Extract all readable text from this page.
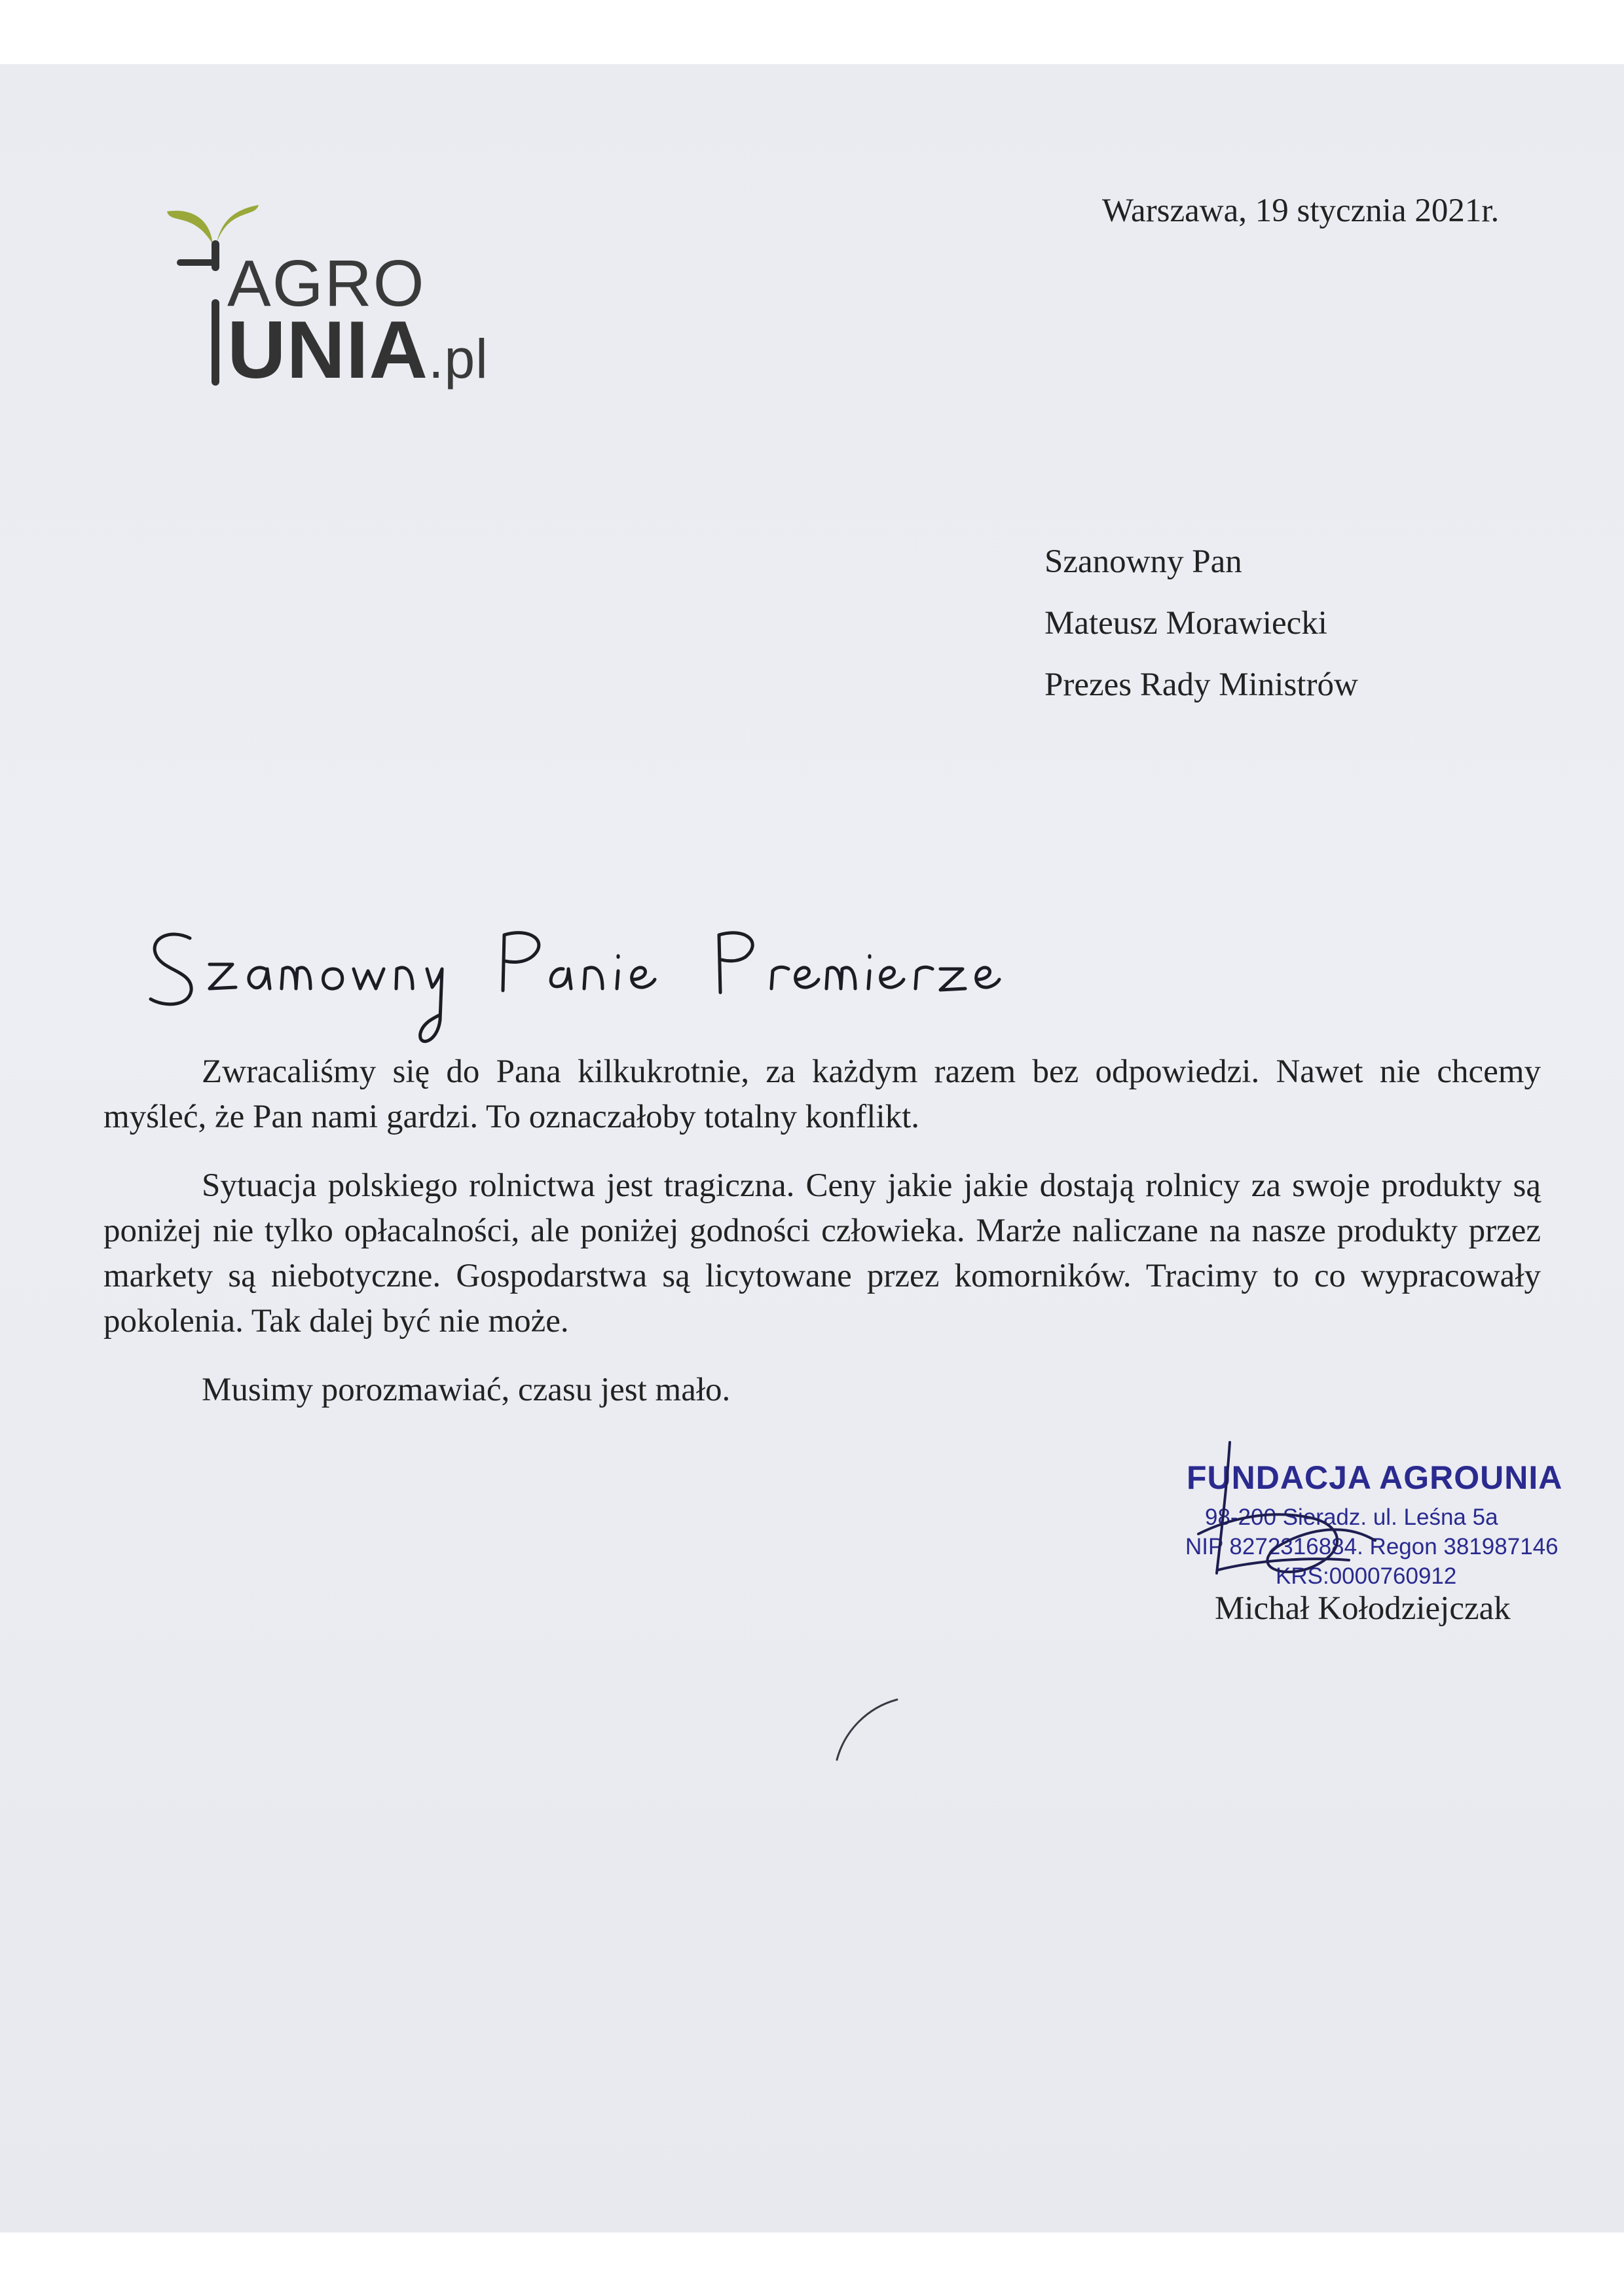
AGRO
UNIA.pl
Warszawa, 19 stycznia 2021r.
Szanowny Pan
Mateusz Morawiecki
Prezes Rady Ministrów

Zwracaliśmy się do Pana kilkukrotnie, za każdym razem bez odpowiedzi. Nawet nie chcemy myśleć, że Pan nami gardzi. To oznaczałoby totalny konflikt.

Sytuacja polskiego rolnictwa jest tragiczna. Ceny jakie jakie dostają rolnicy za swoje produkty są poniżej nie tylko opłacalności, ale poniżej godności człowieka. Marże naliczane na nasze produkty przez markety są niebotyczne. Gospodarstwa są licytowane przez komorników. Tracimy to co wypracowały pokolenia. Tak dalej być nie może.

Musimy porozmawiać, czasu jest mało.

FUNDACJA AGROUNIA
98-200 Sieradz. ul. Leśna 5a
NIP 8272316884. Regon 381987146
KRS:0000760912
Michał Kołodziejczak
